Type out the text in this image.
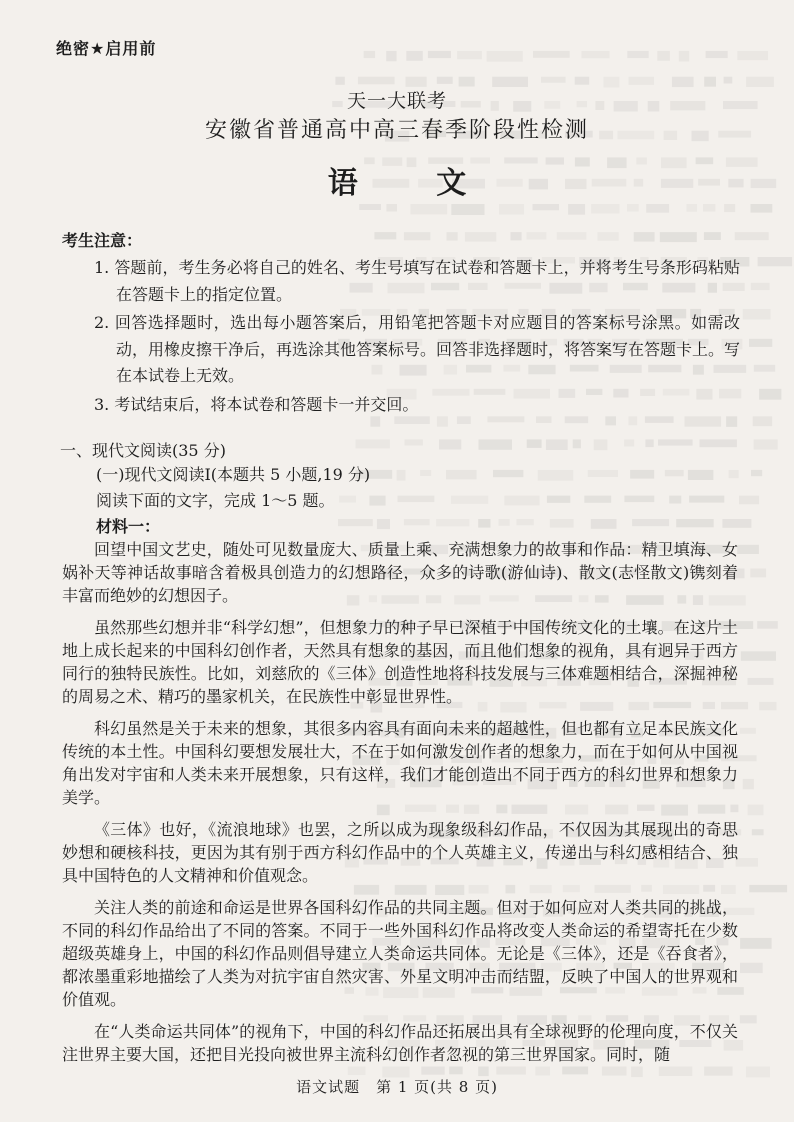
绝密★启用前
天一大联考
安徽省普通高中高三春季阶段性检测
语 文
考生注意：

1. 答题前，考生务必将自己的姓名、考生号填写在试卷和答题卡上，并将考生号条形码粘贴在答题卡上的指定位置。

2. 回答选择题时，选出每小题答案后，用铅笔把答题卡对应题目的答案标号涂黑。如需改动，用橡皮擦干净后，再选涂其他答案标号。回答非选择题时，将答案写在答题卡上。写在本试卷上无效。

3. 考试结束后，将本试卷和答题卡一并交回。

一、现代文阅读(35 分)
(一)现代文阅读Ⅰ(本题共 5 小题,19 分)
阅读下面的文字，完成 1～5 题。
材料一：

回望中国文艺史，随处可见数量庞大、质量上乘、充满想象力的故事和作品：精卫填海、女娲补天等神话故事暗含着极具创造力的幻想路径，众多的诗歌(游仙诗)、散文(志怪散文)镌刻着丰富而绝妙的幻想因子。

虽然那些幻想并非“科学幻想”，但想象力的种子早已深植于中国传统文化的土壤。在这片土地上成长起来的中国科幻创作者，天然具有想象的基因，而且他们想象的视角，具有迥异于西方同行的独特民族性。比如，刘慈欣的《三体》创造性地将科技发展与三体难题相结合，深掘神秘的周易之术、精巧的墨家机关，在民族性中彰显世界性。

科幻虽然是关于未来的想象，其很多内容具有面向未来的超越性，但也都有立足本民族文化传统的本土性。中国科幻要想发展壮大，不在于如何激发创作者的想象力，而在于如何从中国视角出发对宇宙和人类未来开展想象，只有这样，我们才能创造出不同于西方的科幻世界和想象力美学。

《三体》也好，《流浪地球》也罢，之所以成为现象级科幻作品，不仅因为其展现出的奇思妙想和硬核科技，更因为其有别于西方科幻作品中的个人英雄主义，传递出与科幻感相结合、独具中国特色的人文精神和价值观念。

关注人类的前途和命运是世界各国科幻作品的共同主题。但对于如何应对人类共同的挑战，不同的科幻作品给出了不同的答案。不同于一些外国科幻作品将改变人类命运的希望寄托在少数超级英雄身上，中国的科幻作品则倡导建立人类命运共同体。无论是《三体》，还是《吞食者》，都浓墨重彩地描绘了人类为对抗宇宙自然灾害、外星文明冲击而结盟，反映了中国人的世界观和价值观。

在“人类命运共同体”的视角下，中国的科幻作品还拓展出具有全球视野的伦理向度，不仅关注世界主要大国，还把目光投向被世界主流科幻创作者忽视的第三世界国家。同时，随

语文试题　第 1 页(共 8 页)
